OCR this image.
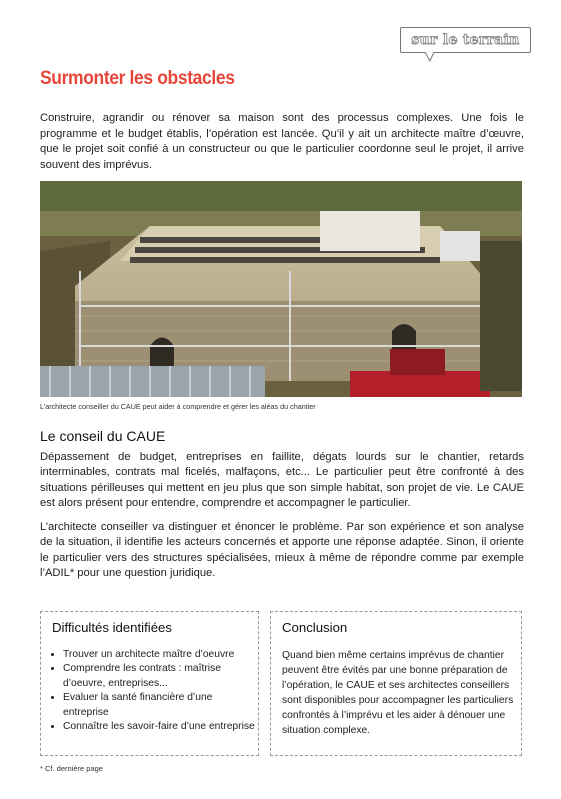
sur le terrain
Surmonter les obstacles

Construire, agrandir ou rénover sa maison sont des processus complexes. Une fois le programme et le budget établis, l’opération est lancée. Qu’il y ait un architecte maître d’œuvre, que le projet soit confié à un constructeur ou que le particulier coordonne seul le projet, il arrive souvent des imprévus.

L’architecte conseiller du CAUE peut aider à comprendre et gérer les aléas du chantier

Le conseil du CAUE

Dépassement de budget, entreprises en faillite, dégats lourds sur le chantier, retards interminables, contrats mal ficelés, malfaçons, etc... Le particulier peut être confronté à des situations périlleuses qui mettent en jeu plus que son simple habitat, son projet de vie. Le CAUE est alors présent pour entendre, comprendre et accompagner le particulier.

L’architecte conseiller va distinguer et énoncer le problème. Par son expérience et son analyse de la situation, il identifie les acteurs concernés et apporte une réponse adaptée. Sinon, il oriente le particulier vers des structures spécialisées, mieux à même de répondre comme par exemple l’ADIL* pour une question juridique.

Difficultés identifiées
• Trouver un architecte maître d’oeuvre
• Comprendre les contrats : maîtrise d’oeuvre, entreprises...
• Evaluer la santé financière d’une entreprise
• Connaître les savoir-faire d’une entreprise
Conclusion

Quand bien même certains imprévus de chantier peuvent être évités par une bonne préparation de l’opération, le CAUE et ses architectes conseillers sont disponibles pour accompagner les particuliers confrontés à l’imprévu et les aider à dénouer une situation complexe.

* Cf. dernière page
